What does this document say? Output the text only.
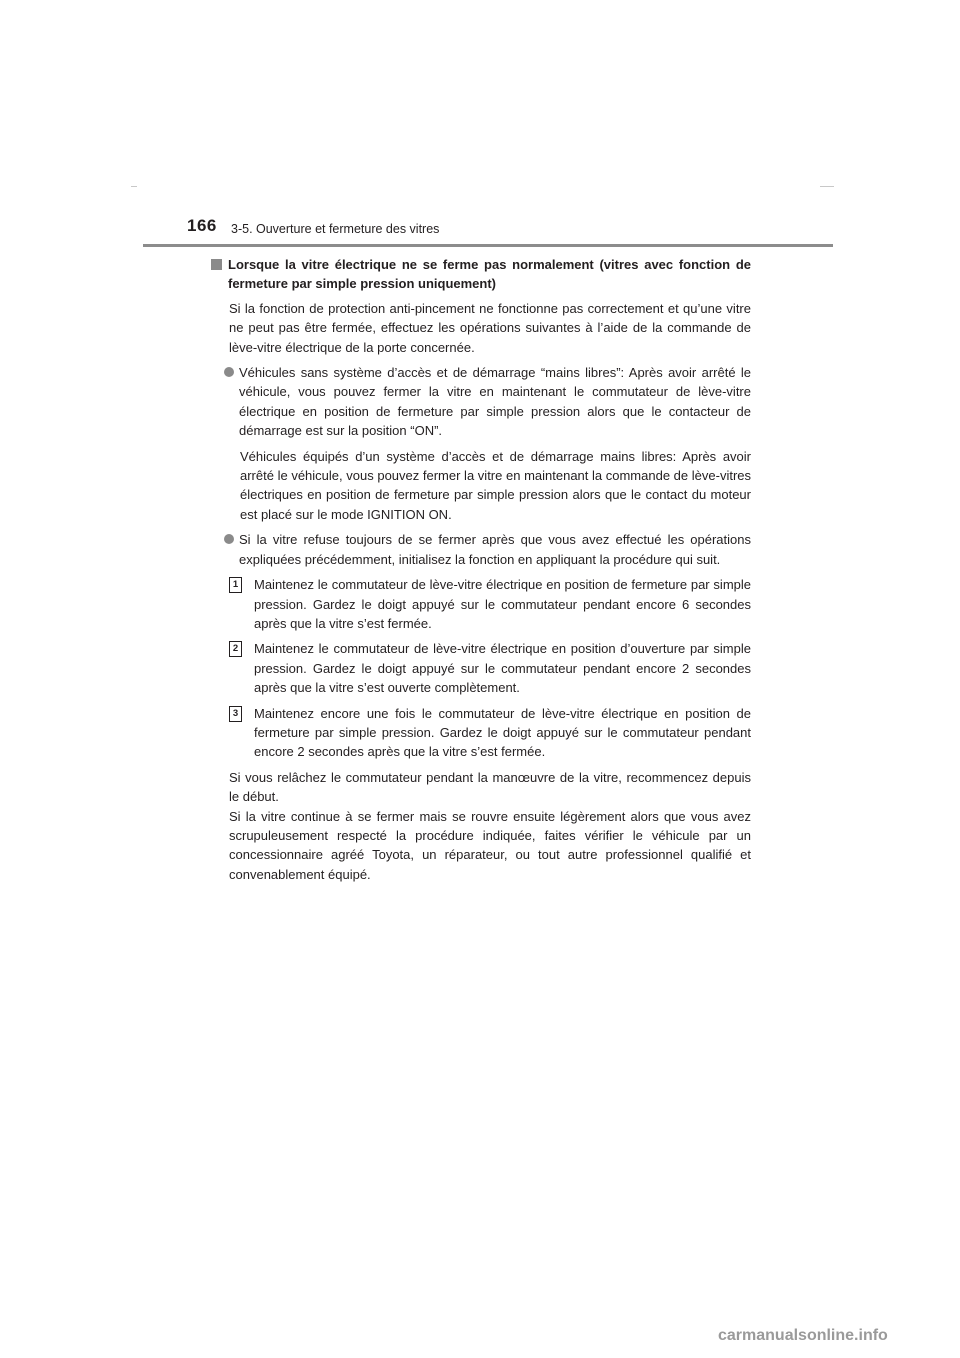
166 3-5. Ouverture et fermeture des vitres
Lorsque la vitre électrique ne se ferme pas normalement (vitres avec fonction de fermeture par simple pression uniquement)

Si la fonction de protection anti-pincement ne fonctionne pas correctement et qu’une vitre ne peut pas être fermée, effectuez les opérations suivantes à l’aide de la commande de lève-vitre électrique de la porte concernée.

Véhicules sans système d’accès et de démarrage “mains libres”: Après avoir arrêté le véhicule, vous pouvez fermer la vitre en maintenant le commutateur de lève-vitre électrique en position de fermeture par simple pression alors que le contacteur de démarrage est sur la position “ON”.

Véhicules équipés d’un système d’accès et de démarrage mains libres: Après avoir arrêté le véhicule, vous pouvez fermer la vitre en maintenant la commande de lève-vitres électriques en position de fermeture par simple pression alors que le contact du moteur est placé sur le mode IGNITION ON.

Si la vitre refuse toujours de se fermer après que vous avez effectué les opérations expliquées précédemment, initialisez la fonction en appliquant la procédure qui suit.
1 Maintenez le commutateur de lève-vitre électrique en position de fermeture par simple pression. Gardez le doigt appuyé sur le commutateur pendant encore 6 secondes après que la vitre s’est fermée.
2 Maintenez le commutateur de lève-vitre électrique en position d’ouverture par simple pression. Gardez le doigt appuyé sur le commutateur pendant encore 2 secondes après que la vitre s’est ouverte complètement.
3 Maintenez encore une fois le commutateur de lève-vitre électrique en position de fermeture par simple pression. Gardez le doigt appuyé sur le commutateur pendant encore 2 secondes après que la vitre s’est fermée.
Si vous relâchez le commutateur pendant la manœuvre de la vitre, recommencez depuis le début.
Si la vitre continue à se fermer mais se rouvre ensuite légèrement alors que vous avez scrupuleusement respecté la procédure indiquée, faites vérifier le véhicule par un concessionnaire agréé Toyota, un réparateur, ou tout autre professionnel qualifié et convenablement équipé.
carmanualsonline.info
